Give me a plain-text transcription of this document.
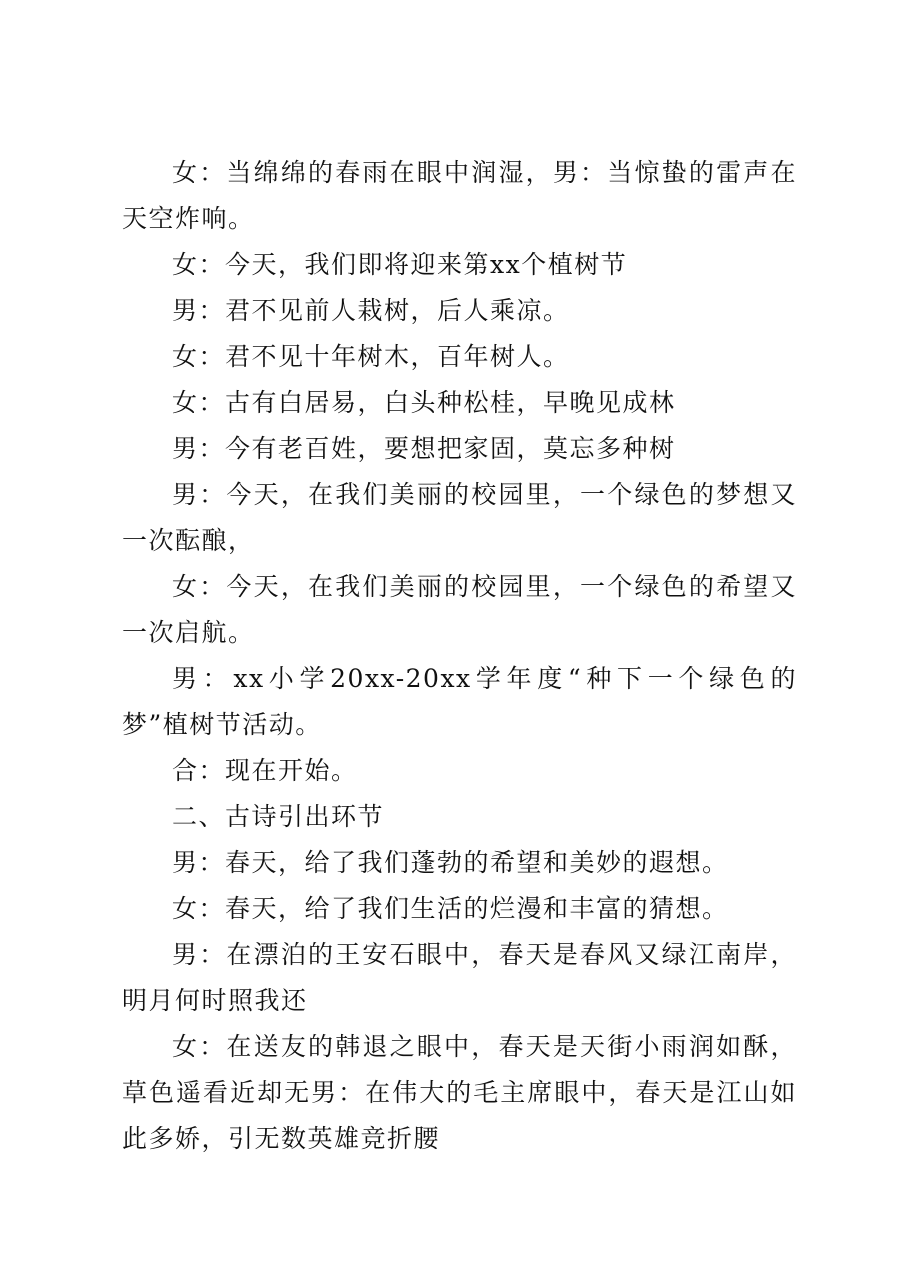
女：当绵绵的春雨在眼中润湿，男：当惊蛰的雷声在天空炸响。

女：今天，我们即将迎来第xx个植树节

男：君不见前人栽树，后人乘凉。

女：君不见十年树木，百年树人。

女：古有白居易，白头种松桂，早晚见成林

男：今有老百姓，要想把家固，莫忘多种树

男：今天，在我们美丽的校园里，一个绿色的梦想又一次酝酿，

女：今天，在我们美丽的校园里，一个绿色的希望又一次启航。

男：xx小学20xx-20xx学年度“种下一个绿色的梦”植树节活动。

合：现在开始。

二、古诗引出环节

男：春天，给了我们蓬勃的希望和美妙的遐想。

女：春天，给了我们生活的烂漫和丰富的猜想。

男：在漂泊的王安石眼中，春天是春风又绿江南岸，明月何时照我还

女：在送友的韩退之眼中，春天是天街小雨润如酥，草色遥看近却无男：在伟大的毛主席眼中，春天是江山如此多娇，引无数英雄竞折腰
